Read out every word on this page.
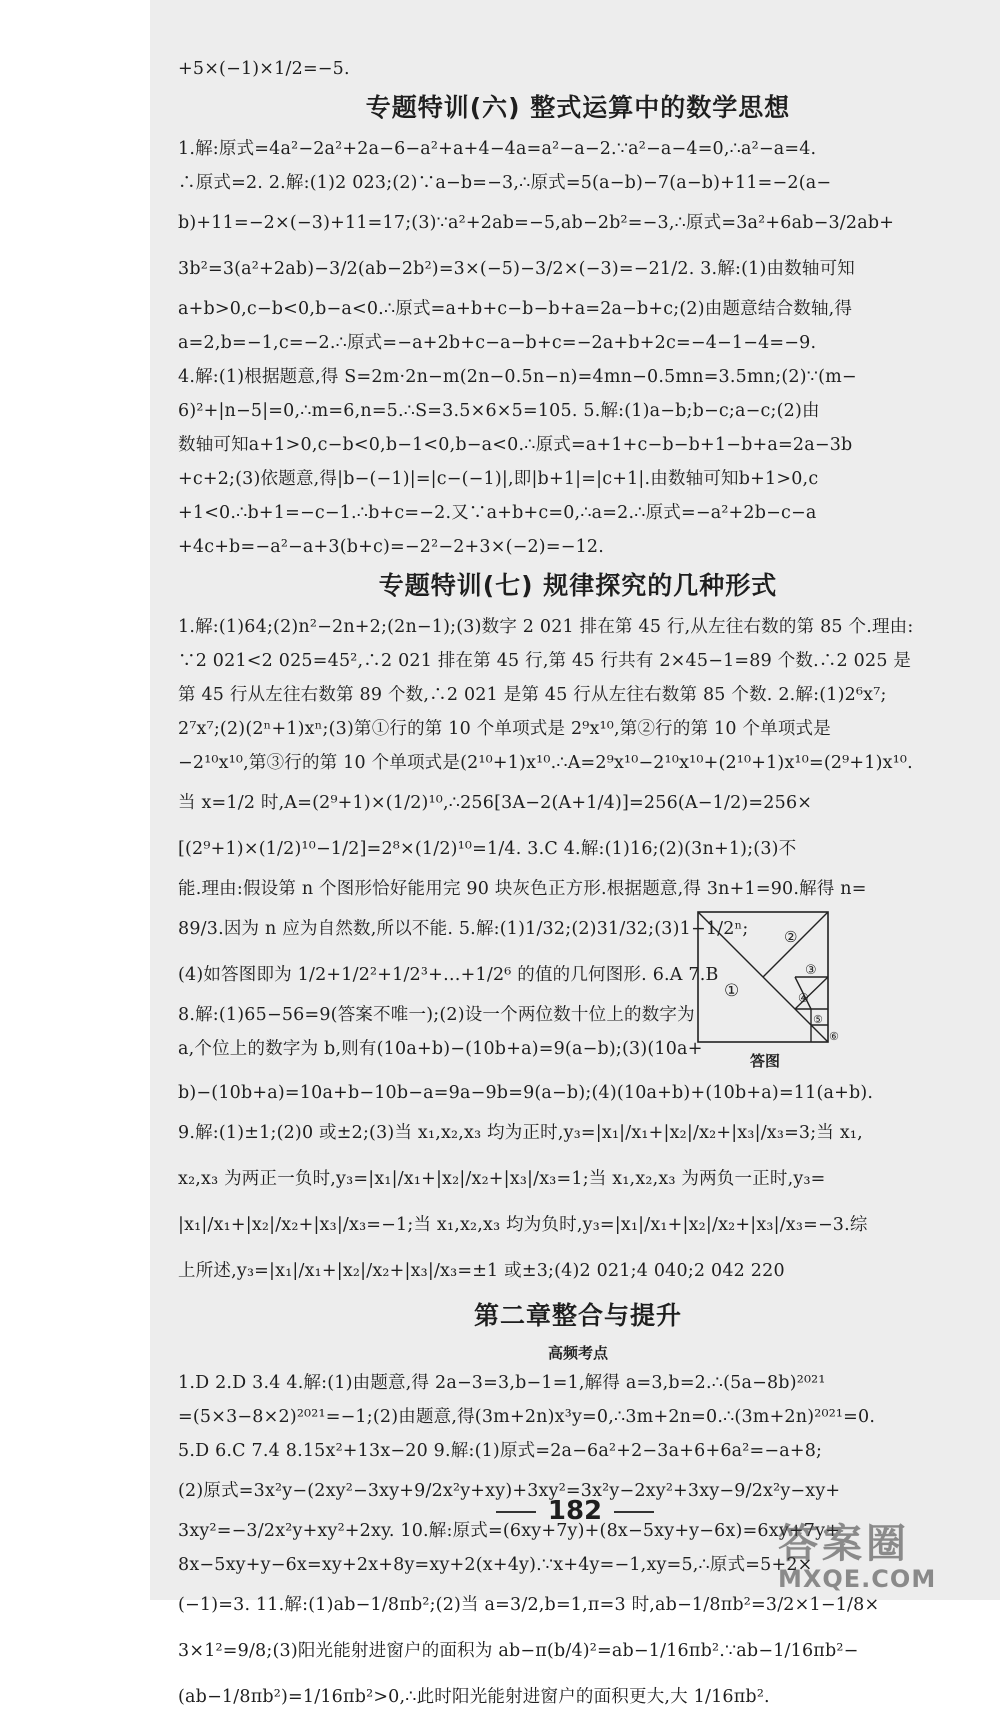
+5×(−1)×1/2=−5.
专题特训(六) 整式运算中的数学思想
1.解:原式=4a²−2a²+2a−6−a²+a+4−4a=a²−a−2.∵a²−a−4=0,∴a²−a=4.
∴原式=2. 2.解:(1)2 023;(2)∵a−b=−3,∴原式=5(a−b)−7(a−b)+11=−2(a−
b)+11=−2×(−3)+11=17;(3)∵a²+2ab=−5,ab−2b²=−3,∴原式=3a²+6ab−3/2ab+
3b²=3(a²+2ab)−3/2(ab−2b²)=3×(−5)−3/2×(−3)=−21/2. 3.解:(1)由数轴可知
a+b>0,c−b<0,b−a<0.∴原式=a+b+c−b−b+a=2a−b+c;(2)由题意结合数轴,得
a=2,b=−1,c=−2.∴原式=−a+2b+c−a−b+c=−2a+b+2c=−4−1−4=−9.
4.解:(1)根据题意,得 S=2m·2n−m(2n−0.5n−n)=4mn−0.5mn=3.5mn;(2)∵(m−
6)²+|n−5|=0,∴m=6,n=5.∴S=3.5×6×5=105. 5.解:(1)a−b;b−c;a−c;(2)由
数轴可知a+1>0,c−b<0,b−1<0,b−a<0.∴原式=a+1+c−b−b+1−b+a=2a−3b
+c+2;(3)依题意,得|b−(−1)|=|c−(−1)|,即|b+1|=|c+1|.由数轴可知b+1>0,c
+1<0.∴b+1=−c−1.∴b+c=−2.又∵a+b+c=0,∴a=2.∴原式=−a²+2b−c−a
+4c+b=−a²−a+3(b+c)=−2²−2+3×(−2)=−12.
专题特训(七) 规律探究的几种形式
1.解:(1)64;(2)n²−2n+2;(2n−1);(3)数字 2 021 排在第 45 行,从左往右数的第 85 个.理由:
∵2 021<2 025=45²,∴2 021 排在第 45 行,第 45 行共有 2×45−1=89 个数.∴2 025 是
第 45 行从左往右数第 89 个数,∴2 021 是第 45 行从左往右数第 85 个数. 2.解:(1)2⁶x⁷;
2⁷x⁷;(2)(2ⁿ+1)xⁿ;(3)第①行的第 10 个单项式是 2⁹x¹⁰,第②行的第 10 个单项式是
−2¹⁰x¹⁰,第③行的第 10 个单项式是(2¹⁰+1)x¹⁰.∴A=2⁹x¹⁰−2¹⁰x¹⁰+(2¹⁰+1)x¹⁰=(2⁹+1)x¹⁰.
当 x=1/2 时,A=(2⁹+1)×(1/2)¹⁰,∴256[3A−2(A+1/4)]=256(A−1/2)=256×
[(2⁹+1)×(1/2)¹⁰−1/2]=2⁸×(1/2)¹⁰=1/4. 3.C 4.解:(1)16;(2)(3n+1);(3)不
能.理由:假设第 n 个图形恰好能用完 90 块灰色正方形.根据题意,得 3n+1=90.解得 n=
89/3.因为 n 应为自然数,所以不能. 5.解:(1)1/32;(2)31/32;(3)1−1/2ⁿ;
(4)如答图即为 1/2+1/2²+1/2³+…+1/2⁶ 的值的几何图形. 6.A 7.B
8.解:(1)65−56=9(答案不唯一);(2)设一个两位数十位上的数字为
a,个位上的数字为 b,则有(10a+b)−(10b+a)=9(a−b);(3)(10a+
①
②
③
④
⑤
⑥
答图
b)−(10b+a)=10a+b−10b−a=9a−9b=9(a−b);(4)(10a+b)+(10b+a)=11(a+b).
9.解:(1)±1;(2)0 或±2;(3)当 x₁,x₂,x₃ 均为正时,y₃=|x₁|/x₁+|x₂|/x₂+|x₃|/x₃=3;当 x₁,
x₂,x₃ 为两正一负时,y₃=|x₁|/x₁+|x₂|/x₂+|x₃|/x₃=1;当 x₁,x₂,x₃ 为两负一正时,y₃=
|x₁|/x₁+|x₂|/x₂+|x₃|/x₃=−1;当 x₁,x₂,x₃ 均为负时,y₃=|x₁|/x₁+|x₂|/x₂+|x₃|/x₃=−3.综
上所述,y₃=|x₁|/x₁+|x₂|/x₂+|x₃|/x₃=±1 或±3;(4)2 021;4 040;2 042 220
第二章整合与提升
高频考点
1.D 2.D 3.4 4.解:(1)由题意,得 2a−3=3,b−1=1,解得 a=3,b=2.∴(5a−8b)²⁰²¹
=(5×3−8×2)²⁰²¹=−1;(2)由题意,得(3m+2n)x³y=0,∴3m+2n=0.∴(3m+2n)²⁰²¹=0.
5.D 6.C 7.4 8.15x²+13x−20 9.解:(1)原式=2a−6a²+2−3a+6+6a²=−a+8;
(2)原式=3x²y−(2xy²−3xy+9/2x²y+xy)+3xy²=3x²y−2xy²+3xy−9/2x²y−xy+
3xy²=−3/2x²y+xy²+2xy. 10.解:原式=(6xy+7y)+(8x−5xy+y−6x)=6xy+7y+
8x−5xy+y−6x=xy+2x+8y=xy+2(x+4y).∵x+4y=−1,xy=5,∴原式=5+2×
(−1)=3. 11.解:(1)ab−1/8πb²;(2)当 a=3/2,b=1,π=3 时,ab−1/8πb²=3/2×1−1/8×
3×1²=9/8;(3)阳光能射进窗户的面积为 ab−π(b/4)²=ab−1/16πb².∵ab−1/16πb²−
(ab−1/8πb²)=1/16πb²>0,∴此时阳光能射进窗户的面积更大,大 1/16πb².
182
答案圈
MXQE.COM
